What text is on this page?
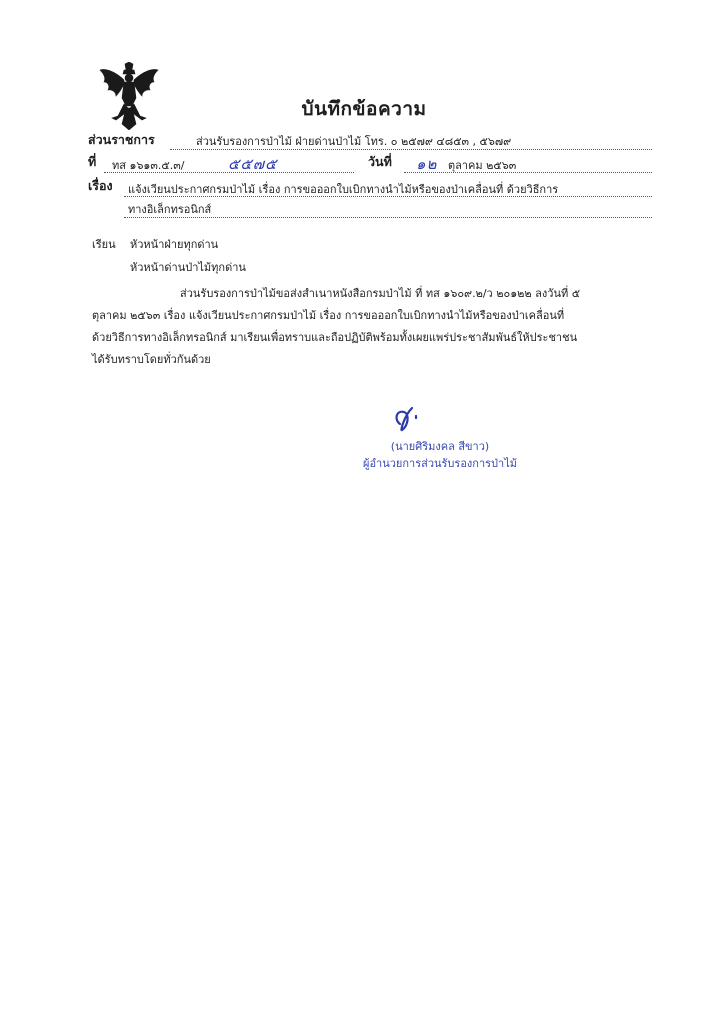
บันทึกข้อความ
ส่วนราชการ	ส่วนรับรองการป่าไม้ ฝ่ายด่านป่าไม้ โทร. ๐ ๒๕๗๙ ๔๘๕๓ , ๕๖๗๙
ที่ ทส ๑๖๑๓.๕.๓/	๕๕๗๕	วันที่ ๑๒ ตุลาคม ๒๕๖๓
เรื่อง แจ้งเวียนประกาศกรมป่าไม้ เรื่อง การขอออกใบเบิกทางนำไม้หรือของป่าเคลื่อนที่ ด้วยวิธีการ
ทางอิเล็กทรอนิกส์
เรียน หัวหน้าฝ่ายทุกด่าน
หัวหน้าด่านป่าไม้ทุกด่าน
ส่วนรับรองการป่าไม้ขอส่งสำเนาหนังสือกรมป่าไม้ ที่ ทส ๑๖๐๙.๒/ว ๒๐๑๒๒ ลงวันที่ ๕
ตุลาคม ๒๕๖๓ เรื่อง แจ้งเวียนประกาศกรมป่าไม้ เรื่อง การขอออกใบเบิกทางนำไม้หรือของป่าเคลื่อนที่
ด้วยวิธีการทางอิเล็กทรอนิกส์ มาเรียนเพื่อทราบและถือปฏิบัติพร้อมทั้งเผยแพร่ประชาสัมพันธ์ให้ประชาชน
ได้รับทราบโดยทั่วกันด้วย
(นายศิริมงคล สีขาว)
ผู้อำนวยการส่วนรับรองการป่าไม้
